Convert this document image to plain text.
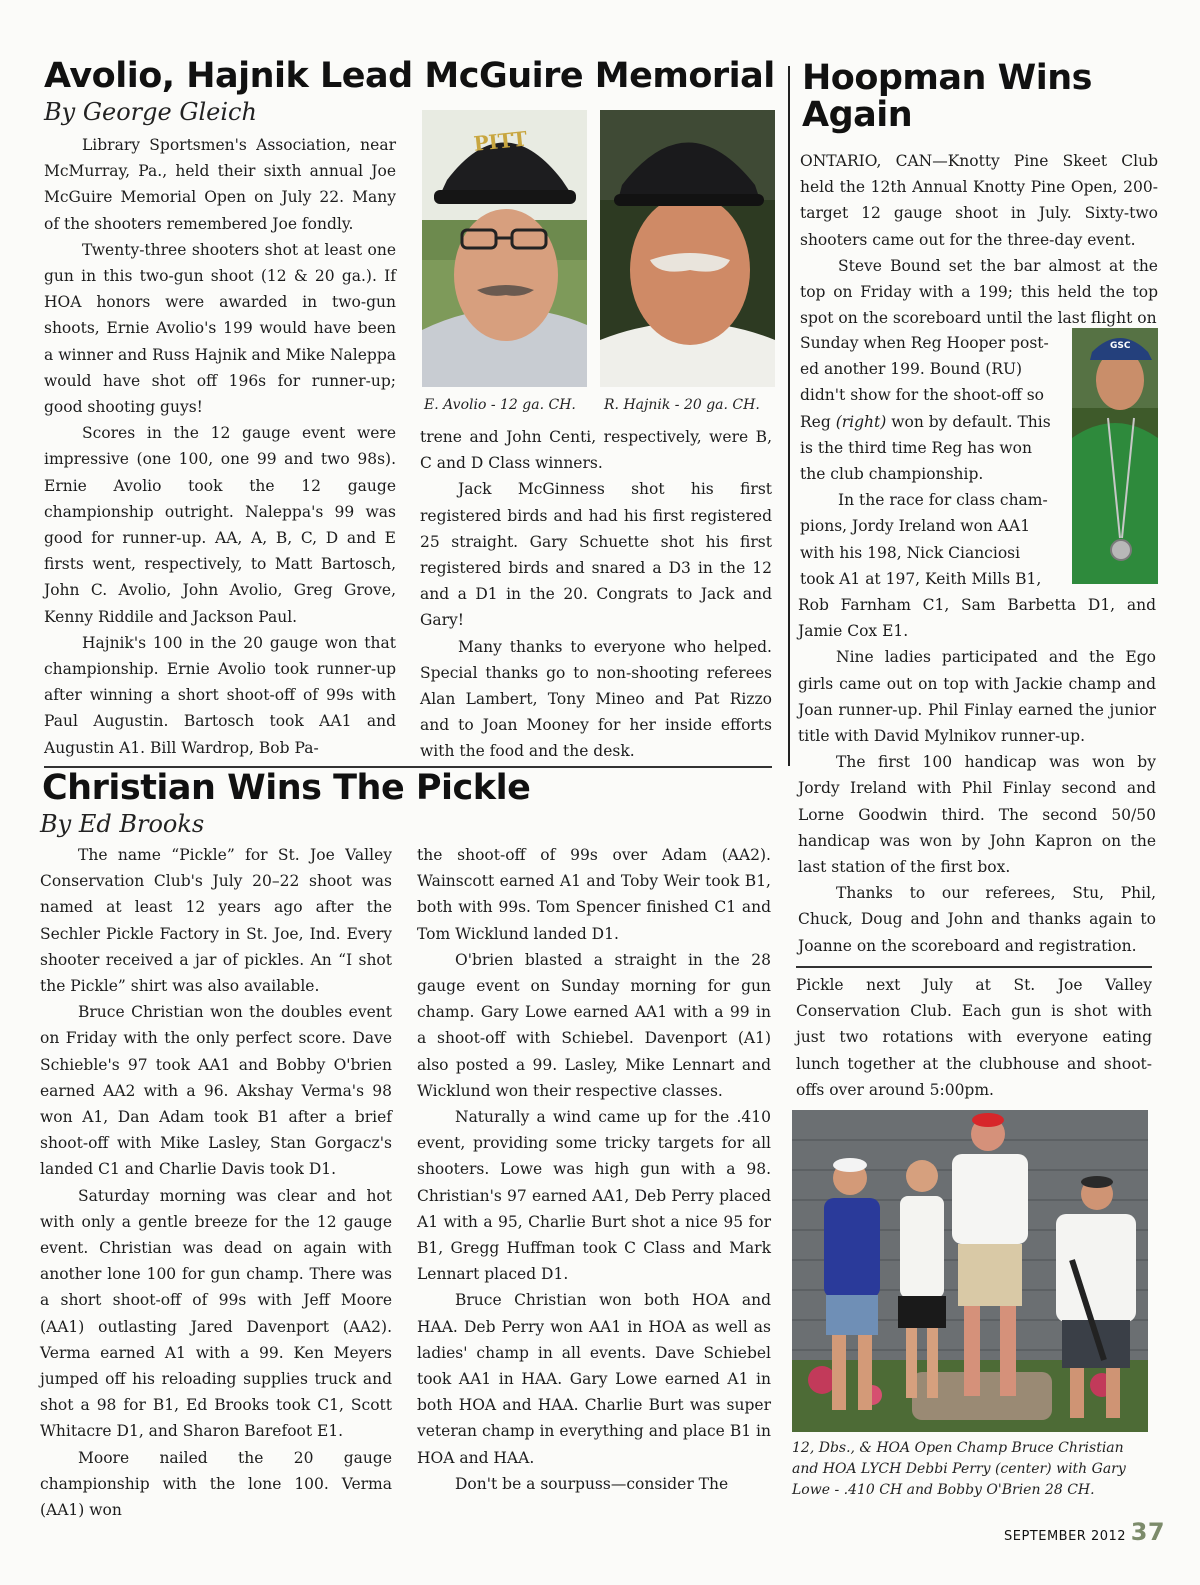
Avolio, Hajnik Lead McGuire Memorial
By George Gleich

Library Sportsmen's Association, near McMurray, Pa., held their sixth annual Joe McGuire Memorial Open on July 22. Many of the shooters remembered Joe fondly.

Twenty-three shooters shot at least one gun in this two-gun shoot (12 & 20 ga.). If HOA honors were awarded in two-gun shoots, Ernie Avolio's 199 would have been a winner and Russ Hajnik and Mike Naleppa would have shot off 196s for runner-up; good shooting guys!

Scores in the 12 gauge event were impressive (one 100, one 99 and two 98s). Ernie Avolio took the 12 gauge championship outright. Naleppa's 99 was good for runner-up. AA, A, B, C, D and E firsts went, respectively, to Matt Bartosch, John C. Avolio, John Avolio, Greg Grove, Kenny Riddile and Jackson Paul.

Hajnik's 100 in the 20 gauge won that championship. Ernie Avolio took runner-up after winning a short shoot-off of 99s with Paul Augustin. Bartosch took AA1 and Augustin A1. Bill Wardrop, Bob Pa-

PITT
E. Avolio - 12 ga. CH. R. Hajnik - 20 ga. CH.

trene and John Centi, respectively, were B, C and D Class winners.

Jack McGinness shot his first registered birds and had his first registered 25 straight. Gary Schuette shot his first registered birds and snared a D3 in the 12 and a D1 in the 20. Congrats to Jack and Gary!

Many thanks to everyone who helped. Special thanks go to non-shooting referees Alan Lambert, Tony Mineo and Pat Rizzo and to Joan Mooney for her inside efforts with the food and the desk.

Christian Wins The Pickle
By Ed Brooks

The name “Pickle” for St. Joe Valley Conservation Club's July 20–22 shoot was named at least 12 years ago after the Sechler Pickle Factory in St. Joe, Ind. Every shooter received a jar of pickles. An “I shot the Pickle” shirt was also available.

Bruce Christian won the doubles event on Friday with the only perfect score. Dave Schieble's 97 took AA1 and Bobby O'brien earned AA2 with a 96. Akshay Verma's 98 won A1, Dan Adam took B1 after a brief shoot-off with Mike Lasley, Stan Gorgacz's landed C1 and Charlie Davis took D1.

Saturday morning was clear and hot with only a gentle breeze for the 12 gauge event. Christian was dead on again with another lone 100 for gun champ. There was a short shoot-off of 99s with Jeff Moore (AA1) outlasting Jared Davenport (AA2). Verma earned A1 with a 99. Ken Meyers jumped off his reloading supplies truck and shot a 98 for B1, Ed Brooks took C1, Scott Whitacre D1, and Sharon Barefoot E1.

Moore nailed the 20 gauge championship with the lone 100. Verma (AA1) won

the shoot-off of 99s over Adam (AA2). Wainscott earned A1 and Toby Weir took B1, both with 99s. Tom Spencer finished C1 and Tom Wicklund landed D1.

O'brien blasted a straight in the 28 gauge event on Sunday morning for gun champ. Gary Lowe earned AA1 with a 99 in a shoot-off with Schiebel. Davenport (A1) also posted a 99. Lasley, Mike Lennart and Wicklund won their respective classes.

Naturally a wind came up for the .410 event, providing some tricky targets for all shooters. Lowe was high gun with a 98. Christian's 97 earned AA1, Deb Perry placed A1 with a 95, Charlie Burt shot a nice 95 for B1, Gregg Huffman took C Class and Mark Lennart placed D1.

Bruce Christian won both HOA and HAA. Deb Perry won AA1 in HOA as well as ladies' champ in all events. Dave Schiebel took AA1 in HAA. Gary Lowe earned A1 in both HOA and HAA. Charlie Burt was super veteran champ in everything and place B1 in HOA and HAA.

Don't be a sourpuss—consider The

Hoopman Wins
Again

ONTARIO, CAN—Knotty Pine Skeet Club held the 12th Annual Knotty Pine Open, 200-target 12 gauge shoot in July. Sixty-two shooters came out for the three-day event.

Steve Bound set the bar almost at the top on Friday with a 199; this held the top spot on the scoreboard until the last flight on

GSC
Sunday when Reg Hooper post-
ed another 199. Bound (RU)
didn't show for the shoot-off so
Reg (right) won by default. This
is the third time Reg has won
the club championship.
In the race for class cham-
pions, Jordy Ireland won AA1
with his 198, Nick Cianciosi
took A1 at 197, Keith Mills B1,

Rob Farnham C1, Sam Barbetta D1, and Jamie Cox E1.

Nine ladies participated and the Ego girls came out on top with Jackie champ and Joan runner-up. Phil Finlay earned the junior title with David Mylnikov runner-up.

The first 100 handicap was won by Jordy Ireland with Phil Finlay second and Lorne Goodwin third. The second 50/50 handicap was won by John Kapron on the last station of the first box.

Thanks to our referees, Stu, Phil, Chuck, Doug and John and thanks again to Joanne on the scoreboard and registration.

Pickle next July at St. Joe Valley Conservation Club. Each gun is shot with just two rotations with everyone eating lunch together at the clubhouse and shoot-offs over around 5:00pm.

12, Dbs., & HOA Open Champ Bruce Christian and HOA LYCH Debbi Perry (center) with Gary Lowe - .410 CH and Bobby O'Brien 28 CH.
SEPTEMBER 2012 37
